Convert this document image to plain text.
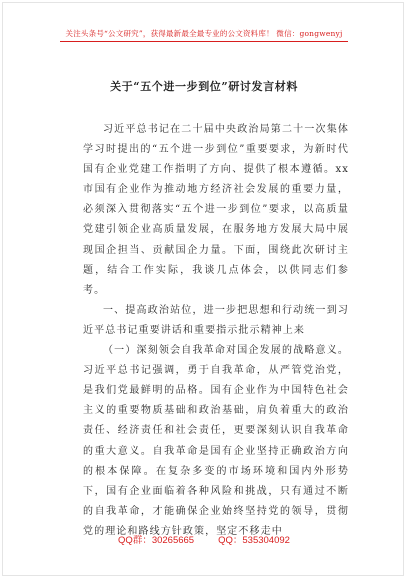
关注头条号“公文研究”，获得最新最全最专业的公文资料库！ 微信：gongwenyj
关于“五个进一步到位”研讨发言材料

习近平总书记在二十届中央政治局第二十一次集体学习时提出的“五个进一步到位”重要要求，为新时代国有企业党建工作指明了方向、提供了根本遵循。xx市国有企业作为推动地方经济社会发展的重要力量，必须深入贯彻落实“五个进一步到位”要求，以高质量党建引领企业高质量发展，在服务地方发展大局中展现国企担当、贡献国企力量。下面，围绕此次研讨主题，结合工作实际，我谈几点体会，以供同志们参考。

一、提高政治站位，进一步把思想和行动统一到习近平总书记重要讲话和重要指示批示精神上来

（一）深刻领会自我革命对国企发展的战略意义。习近平总书记强调，勇于自我革命，从严管党治党，是我们党最鲜明的品格。国有企业作为中国特色社会主义的重要物质基础和政治基础，肩负着重大的政治责任、经济责任和社会责任，更要深刻认识自我革命的重大意义。自我革命是国有企业坚持正确政治方向的根本保障。在复杂多变的市场环境和国内外形势下，国有企业面临着各种风险和挑战，只有通过不断的自我革命，才能确保企业始终坚持党的领导，贯彻党的理论和路线方针政策，坚定不移走中

QQ群：30265665	QQ：535304092
